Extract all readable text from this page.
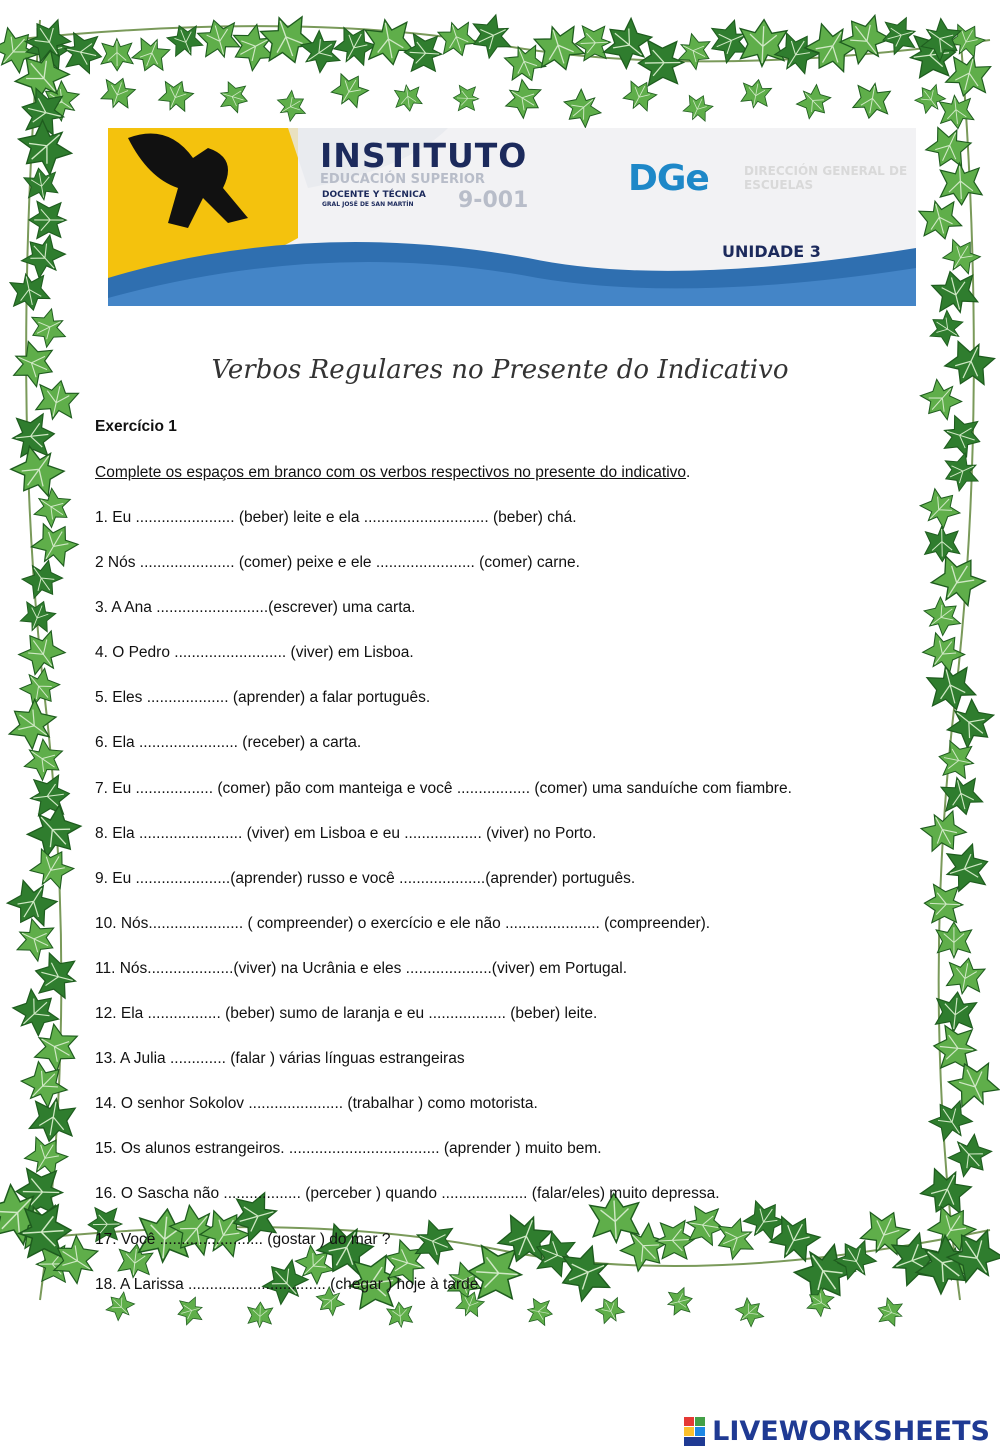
INSTITUTO
EDUCACIÓN SUPERIOR
DOCENTE Y TÉCNICA
GRAL JOSÉ DE SAN MARTÍN 9-001
DGe	DIRECCIÓN GENERAL DE ESCUELAS
UNIDADE 3
Verbos Regulares no Presente do Indicativo
Exercício 1
Complete os espaços em branco com os verbos respectivos no presente do indicativo.
1. Eu ....................... (beber) leite e ela ............................. (beber) chá.
2 Nós ...................... (comer) peixe e ele ....................... (comer) carne.
3. A Ana ..........................(escrever) uma carta.
4. O Pedro .......................... (viver) em Lisboa.
5. Eles ................... (aprender) a falar português.
6. Ela ....................... (receber) a carta.
7. Eu .................. (comer) pão com manteiga e você ................. (comer) uma sanduíche com fiambre.
8. Ela ........................ (viver) em Lisboa e eu .................. (viver) no Porto.
9. Eu ......................(aprender) russo e você ....................(aprender) português.
10. Nós...................... ( compreender) o exercício e ele não ...................... (compreender).
11. Nós....................(viver) na Ucrânia e eles ....................(viver) em Portugal.
12. Ela ................. (beber) sumo de laranja e eu .................. (beber) leite.
13. A Julia ............. (falar ) várias línguas estrangeiras
14. O senhor Sokolov ...................... (trabalhar ) como motorista.
15. Os alunos estrangeiros. ................................... (aprender ) muito bem.
16. O Sascha não .................. (perceber ) quando .................... (falar/eles) muito depressa.
17. Você ........................ (gostar ) do mar ?
18. A Larissa ................................ (chegar ) hoje à tarde.
LIVEWORKSHEETS
